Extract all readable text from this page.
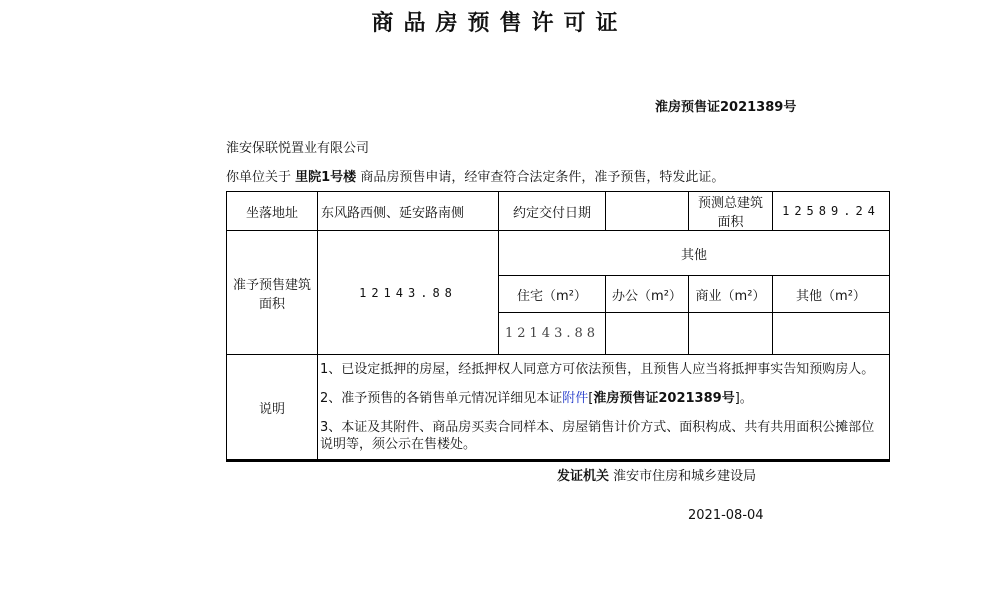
商品房预售许可证
淮房预售证2021389号
淮安保联悦置业有限公司
你单位关于 里院1号楼 商品房预售申请，经审查符合法定条件，准予预售，特发此证。
坐落地址	东风路西侧、延安路南侧	约定交付日期		预测总建筑面积	12589.24
准予预售建筑面积	12143.88	其他			
		住宅（m²）	办公（m²）	商业（m²）	其他（m²）
		12143.88			
说明	1、已设定抵押的房屋，经抵押权人同意方可依法预售，且预售人应当将抵押事实告知预购房人。
2、准予预售的各销售单元情况详细见本证附件[淮房预售证2021389号]。
3、本证及其附件、商品房买卖合同样本、房屋销售计价方式、面积构成、共有共用面积公摊部位说明等，须公示在售楼处。				
发证机关 淮安市住房和城乡建设局
2021-08-04
